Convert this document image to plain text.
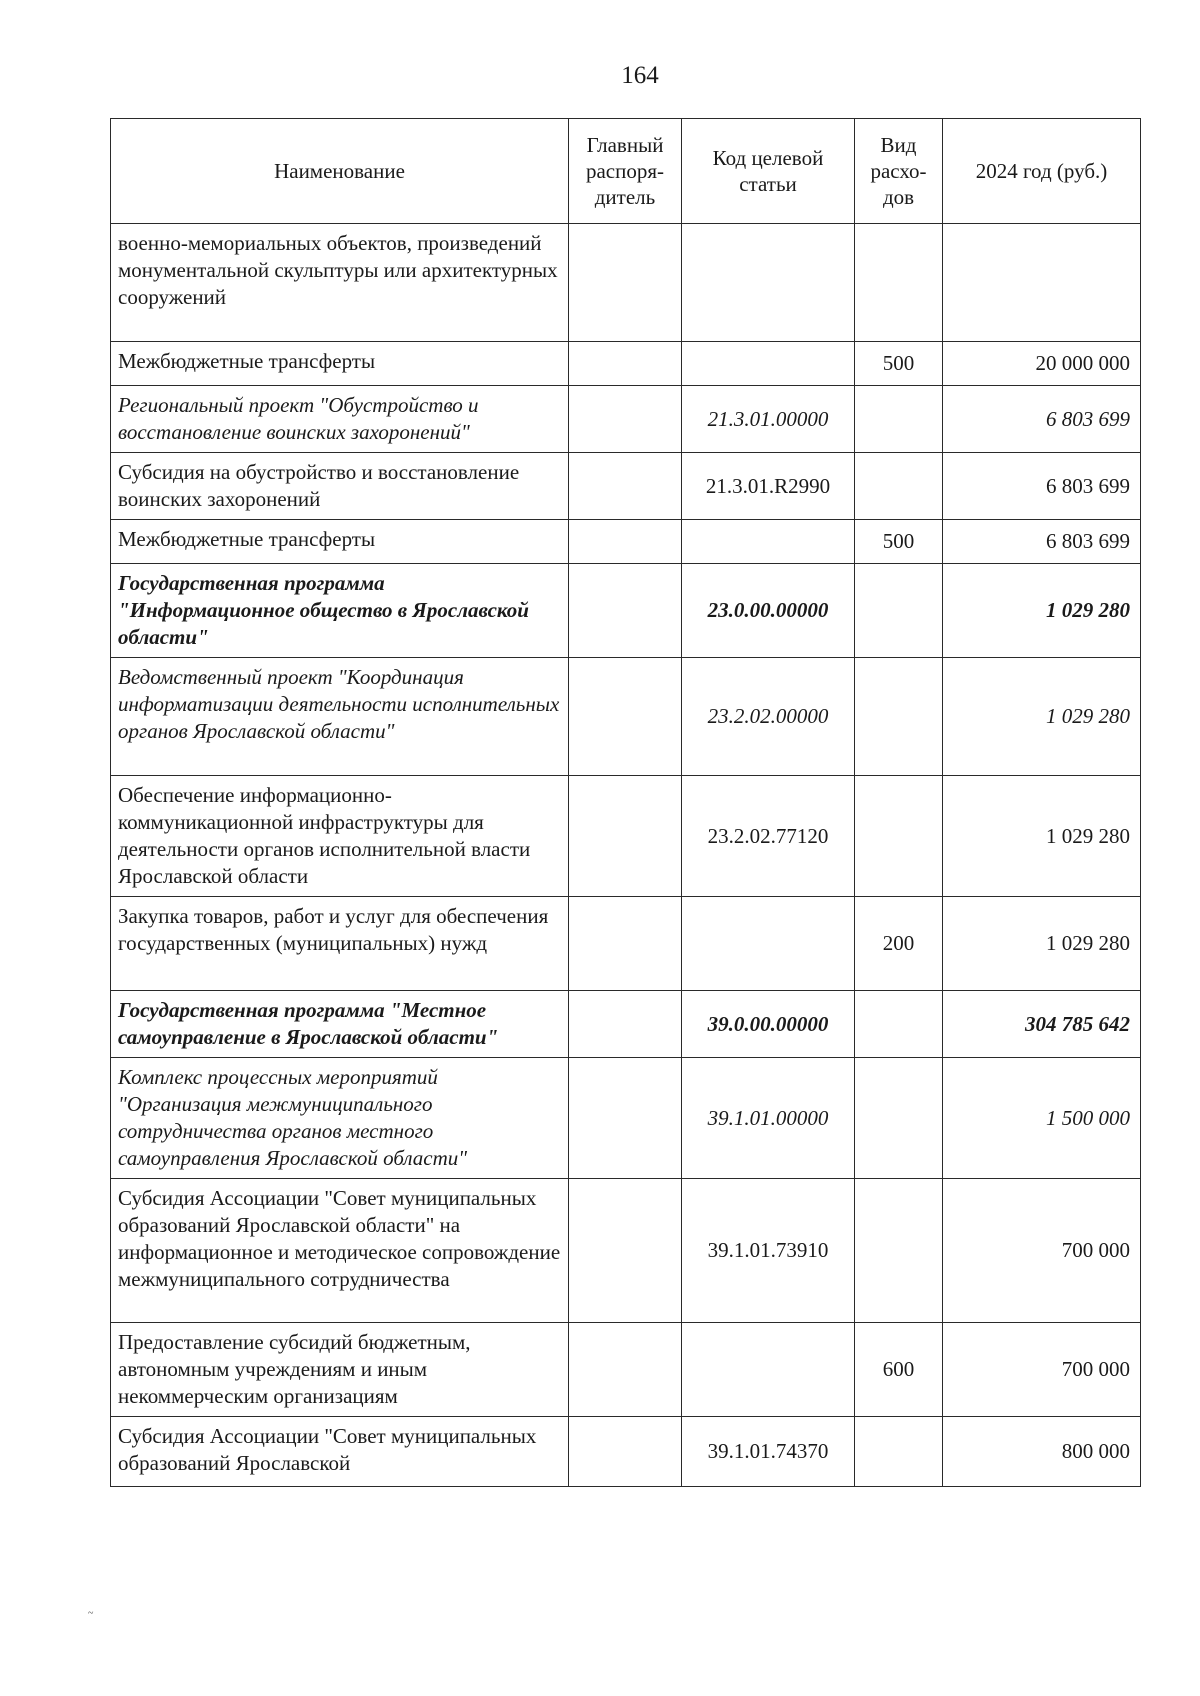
164
Наименование	Главный распоря-дитель	Код целевой статьи	Вид расхо-дов	2024 год (руб.)
военно-мемориальных объектов, произведений монументальной скульптуры или архитектурных сооружений				
Межбюджетные трансферты			500	20 000 000
Региональный проект "Обустройство и восстановление воинских захоронений"		21.3.01.00000		6 803 699
Субсидия на обустройство и восстановление воинских захоронений		21.3.01.R2990		6 803 699
Межбюджетные трансферты			500	6 803 699
Государственная программа "Информационное общество в Ярославской области"		23.0.00.00000		1 029 280
Ведомственный проект "Координация информатизации деятельности исполнительных органов Ярославской области"		23.2.02.00000		1 029 280
Обеспечение информационно-коммуникационной инфраструктуры для деятельности органов исполнительной власти Ярославской области		23.2.02.77120		1 029 280
Закупка товаров, работ и услуг для обеспечения государственных (муниципальных) нужд			200	1 029 280
Государственная программа "Местное самоуправление в Ярославской области"		39.0.00.00000		304 785 642
Комплекс процессных мероприятий "Организация межмуниципального сотрудничества органов местного самоуправления Ярославской области"		39.1.01.00000		1 500 000
Субсидия Ассоциации "Совет муниципальных образований Ярославской области" на информационное и методическое сопровождение межмуниципального сотрудничества		39.1.01.73910		700 000
Предоставление субсидий бюджетным, автономным учреждениям и иным некоммерческим организациям			600	700 000
Субсидия Ассоциации "Совет муниципальных образований Ярославской		39.1.01.74370		800 000
~
